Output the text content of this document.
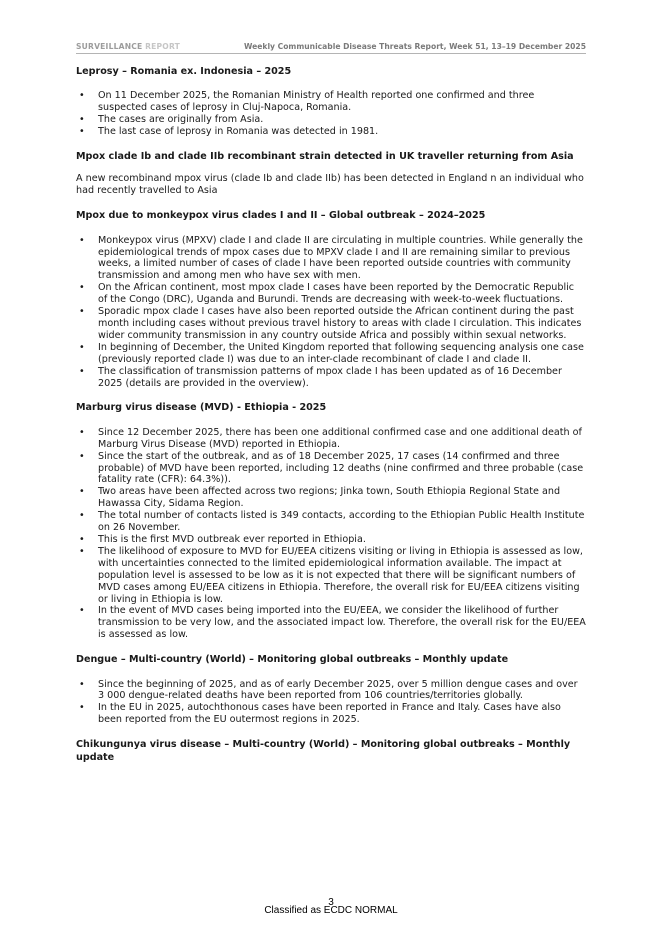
SURVEILLANCE REPORT	Weekly Communicable Disease Threats Report, Week 51, 13–19 December 2025
Leprosy – Romania ex. Indonesia – 2025
• On 11 December 2025, the Romanian Ministry of Health reported one confirmed and three suspected cases of leprosy in Cluj-Napoca, Romania.
• The cases are originally from Asia.
• The last case of leprosy in Romania was detected in 1981.
Mpox clade Ib and clade IIb recombinant strain detected in UK traveller returning from Asia

A new recombinand mpox virus (clade Ib and clade IIb) has been detected in England n an individual who had recently travelled to Asia

Mpox due to monkeypox virus clades I and II – Global outbreak – 2024–2025
• Monkeypox virus (MPXV) clade I and clade II are circulating in multiple countries. While generally the epidemiological trends of mpox cases due to MPXV clade I and II are remaining similar to previous weeks, a limited number of cases of clade I have been reported outside countries with community transmission and among men who have sex with men.
• On the African continent, most mpox clade I cases have been reported by the Democratic Republic of the Congo (DRC), Uganda and Burundi. Trends are decreasing with week-to-week fluctuations.
• Sporadic mpox clade I cases have also been reported outside the African continent during the past month including cases without previous travel history to areas with clade I circulation. This indicates wider community transmission in any country outside Africa and possibly within sexual networks.
• In beginning of December, the United Kingdom reported that following sequencing analysis one case (previously reported clade I) was due to an inter-clade recombinant of clade I and clade II.
• The classification of transmission patterns of mpox clade I has been updated as of 16 December 2025 (details are provided in the overview).
Marburg virus disease (MVD) - Ethiopia - 2025
• Since 12 December 2025, there has been one additional confirmed case and one additional death of Marburg Virus Disease (MVD) reported in Ethiopia.
• Since the start of the outbreak, and as of 18 December 2025, 17 cases (14 confirmed and three probable) of MVD have been reported, including 12 deaths (nine confirmed and three probable (case fatality rate (CFR): 64.3%)).
• Two areas have been affected across two regions; Jinka town, South Ethiopia Regional State and Hawassa City, Sidama Region.
• The total number of contacts listed is 349 contacts, according to the Ethiopian Public Health Institute on 26 November.
• This is the first MVD outbreak ever reported in Ethiopia.
• The likelihood of exposure to MVD for EU/EEA citizens visiting or living in Ethiopia is assessed as low, with uncertainties connected to the limited epidemiological information available. The impact at population level is assessed to be low as it is not expected that there will be significant numbers of MVD cases among EU/EEA citizens in Ethiopia. Therefore, the overall risk for EU/EEA citizens visiting or living in Ethiopia is low.
• In the event of MVD cases being imported into the EU/EEA, we consider the likelihood of further transmission to be very low, and the associated impact low. Therefore, the overall risk for the EU/EEA is assessed as low.
Dengue – Multi-country (World) – Monitoring global outbreaks – Monthly update
• Since the beginning of 2025, and as of early December 2025, over 5 million dengue cases and over 3 000 dengue-related deaths have been reported from 106 countries/territories globally.
• In the EU in 2025, autochthonous cases have been reported in France and Italy. Cases have also been reported from the EU outermost regions in 2025.
Chikungunya virus disease – Multi-country (World) – Monitoring global outbreaks – Monthly update
3
Classified as ECDC NORMAL
